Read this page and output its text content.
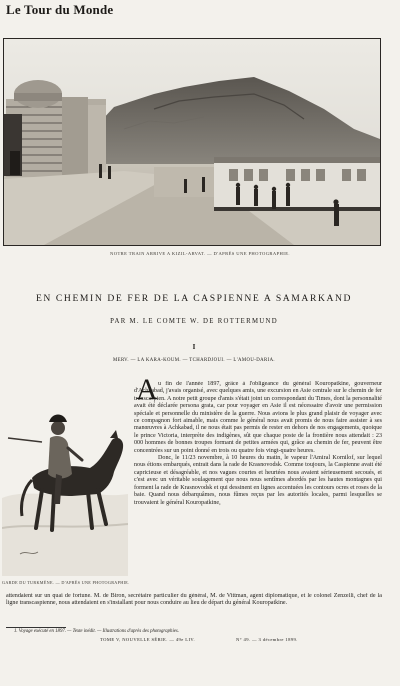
Le Tour du Monde
NOTRE TRAIN ARRIVE A KIZIL-ARVAT. — D'APRÈS UNE PHOTOGRAPHIE.
EN CHEMIN DE FER DE LA CASPIENNE A SAMARKAND
PAR M. LE COMTE W. DE ROTTERMUND
I
MERV. — LA KARA-KOUM. — TCHARDJOUI. — L'AMOU-DARIA.
GARDE DU TURKMÈNE. — D'APRÈS UNE PHOTOGRAPHIE.
A u fin de l'année 1897, grâce à l'obligeance du général Kouropatkine, gouverneur d'Achkabad, j'avais organisé, avec quelques amis, une excursion en Asie centrale sur le chemin de fer transcaspien. A notre petit groupe d'amis s'était joint un correspondant du Times, dont la personnalité avait été déclarée persona grata, car pour voyager en Asie il est nécessaire d'avoir une permission spéciale et personnelle du ministère de la guerre. Nous avions le plus grand plaisir de voyager avec ce compagnon fort aimable, mais comme le général nous avait promis de nous faire assister à ses manœuvres à Achkabad, il ne nous était pas permis de rester en dehors de nos engagements, quoique le prince Victoria, interprète des indigènes, sût que chaque poste de la frontière nous attendait : 23 000 hommes de bonnes troupes formant de petites armées qui, grâce au chemin de fer, peuvent être concentrées sur un point donné en trois ou quatre fois vingt-quatre heures.

Donc, le 11/23 novembre, à 10 heures du matin, le vapeur l'Amiral Kornilof, sur lequel nous étions embarqués, entrait dans la rade de Krasnovodsk. Comme toujours, la Caspienne avait été capricieuse et désagréable, et nos vagues courtes et heurtées nous avaient sérieusement secoués, et c'est avec un véritable soulagement que nous nous sentîmes abordés par les hautes montagnes qui forment la rade de Krasnovodsk et qui dessinent en lignes accentuées les contours ocres et roses de la baie. Quand nous débarquâmes, nous fûmes reçus par les autorités locales, parmi lesquelles se trouvaient le général Kouropatkine,

attendaient sur un quai de fortune. M. de Biron, secrétaire particulier du général, M. de Vittman, agent diplomatique, et le colonel Zenzelli, chef de la ligne transcaspienne, nous attendaient en s'installant pour nous conduire au lieu de départ du général Kouropatkine.

1. Voyage exécuté en 1897. — Texte inédit. — Illustrations d'après des photographies.
TOME V, NOUVELLE SÉRIE. — 49e LIV.	N° 49. — 3 décembre 1899.
